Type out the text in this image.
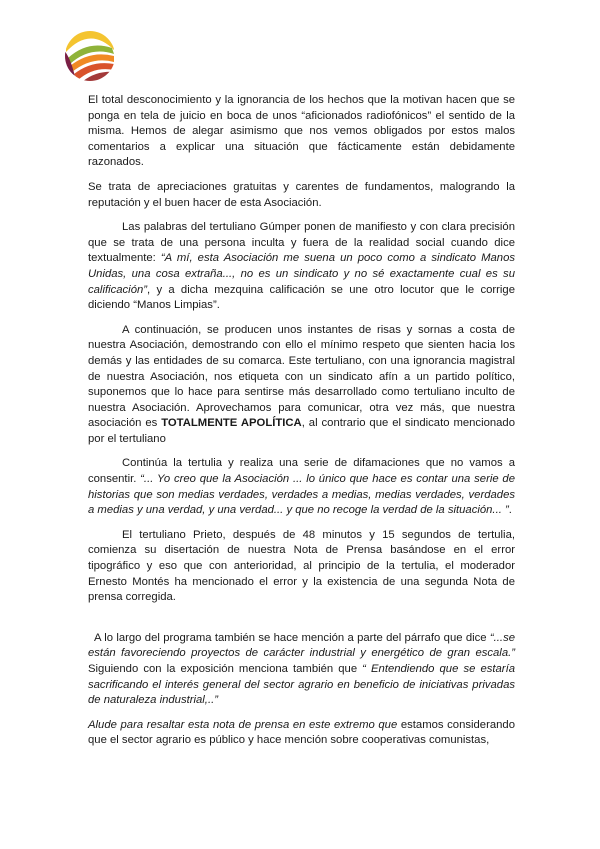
El total desconocimiento y la ignorancia de los hechos que la motivan hacen que se ponga en tela de juicio en boca de unos “aficionados radiofónicos” el sentido de la misma. Hemos de alegar asimismo que nos vemos obligados por estos malos comentarios a explicar una situación que fácticamente están debidamente razonados.

Se trata de apreciaciones gratuitas y carentes de fundamentos, malogrando la reputación y el buen hacer de esta Asociación.

Las palabras del tertuliano Gúmper ponen de manifiesto y con clara precisión que se trata de una persona inculta y fuera de la realidad social cuando dice textualmente: “A mí, esta Asociación me suena un poco como a sindicato Manos Unidas, una cosa extraña..., no es un sindicato y no sé exactamente cual es su calificación”, y a dicha mezquina calificación se une otro locutor que le corrige diciendo “Manos Limpias”.

A continuación, se producen unos instantes de risas y sornas a costa de nuestra Asociación, demostrando con ello el mínimo respeto que sienten hacia los demás y las entidades de su comarca. Este tertuliano, con una ignorancia magistral de nuestra Asociación, nos etiqueta con un sindicato afín a un partido político, suponemos que lo hace para sentirse más desarrollado como tertuliano inculto de nuestra Asociación. Aprovechamos para comunicar, otra vez más, que nuestra asociación es TOTALMENTE APOLÍTICA, al contrario que el sindicato mencionado por el tertuliano

Continúa la tertulia y realiza una serie de difamaciones que no vamos a consentir. “... Yo creo que la Asociación ... lo único que hace es contar una serie de historias que son medias verdades, verdades a medias, medias verdades, verdades a medias y una verdad, y una verdad... y que no recoge la verdad de la situación... ”.

El tertuliano Prieto, después de 48 minutos y 15 segundos de tertulia, comienza su disertación de nuestra Nota de Prensa basándose en el error tipográfico y eso que con anterioridad, al principio de la tertulia, el moderador Ernesto Montés ha mencionado el error y la existencia de una segunda Nota de prensa corregida.

A lo largo del programa también se hace mención a parte del párrafo que dice “...se están favoreciendo proyectos de carácter industrial y energético de gran escala.” Siguiendo con la exposición menciona también que “ Entendiendo que se estaría sacrificando el interés general del sector agrario en beneficio de iniciativas privadas de naturaleza industrial,..”

Alude para resaltar esta nota de prensa en este extremo que estamos considerando que el sector agrario es público y hace mención sobre cooperativas comunistas,
